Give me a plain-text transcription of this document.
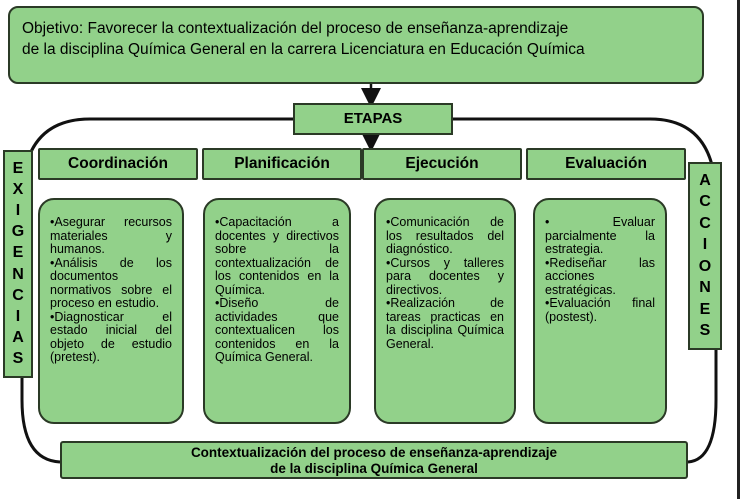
Objetivo: Favorecer la contextualización del proceso de enseñanza-aprendizaje
de la disciplina Química General en la carrera Licenciatura en Educación Química
ETAPAS
Coordinación	Planificación	Ejecución	Evaluación
E
X
I
G
E
N
C
I
A
S
A
C
C
I
O
N
E
S
•Asegurar recursos materiales y humanos.
•Análisis de los documentos normativos sobre el proceso en estudio.
•Diagnosticar el estado inicial del objeto de estudio (pretest).
•Capacitación a docentes y directivos sobre la contextualización de los contenidos en la Química.
•Diseño de actividades que contextualicen los contenidos en la Química General.
•Comunicación de los resultados del diagnóstico.
•Cursos y talleres para docentes y directivos.
•Realización de tareas practicas en la disciplina Química General.
• Evaluar parcialmente la estrategia.
•Rediseñar las acciones estratégicas.
•Evaluación final (postest).
Contextualización del proceso de enseñanza-aprendizaje
de la disciplina Química General
